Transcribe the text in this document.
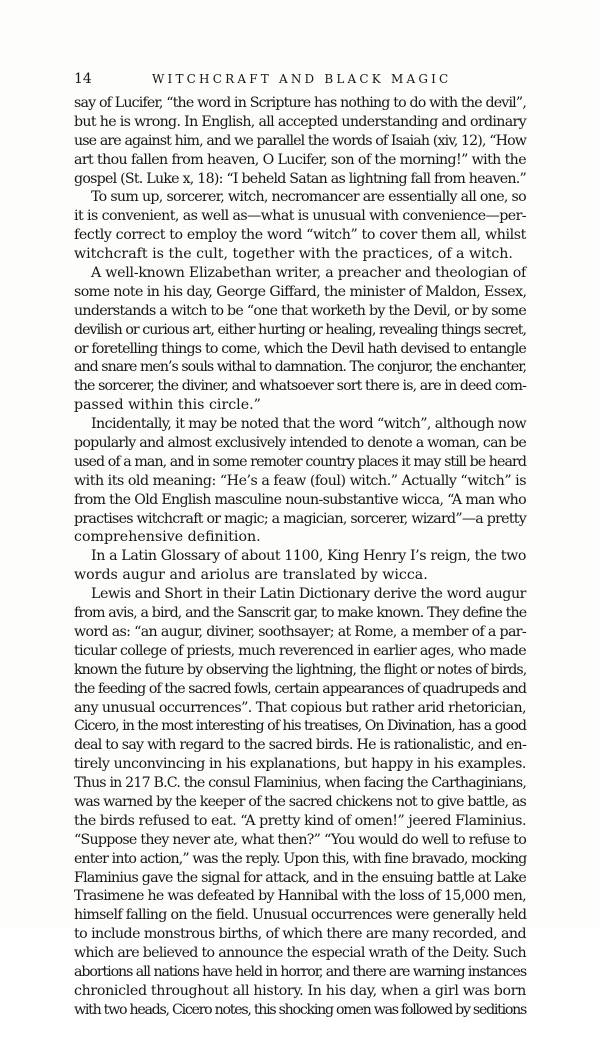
14	WITCHCRAFT AND BLACK MAGIC
say of Lucifer, “the word in Scripture has nothing to do with the devil”,
but he is wrong. In English, all accepted understanding and ordinary
use are against him, and we parallel the words of Isaiah (xiv, 12), “How
art thou fallen from heaven, O Lucifer, son of the morning!” with the
gospel (St. Luke x, 18): “I beheld Satan as lightning fall from heaven.”
To sum up, sorcerer, witch, necromancer are essentially all one, so
it is convenient, as well as—what is unusual with convenience—per-
fectly correct to employ the word “witch” to cover them all, whilst
witchcraft is the cult, together with the practices, of a witch.
A well-known Elizabethan writer, a preacher and theologian of
some note in his day, George Giffard, the minister of Maldon, Essex,
understands a witch to be “one that worketh by the Devil, or by some
devilish or curious art, either hurting or healing, revealing things secret,
or foretelling things to come, which the Devil hath devised to entangle
and snare men’s souls withal to damnation. The conjuror, the enchanter,
the sorcerer, the diviner, and whatsoever sort there is, are in deed com-
passed within this circle.”
Incidentally, it may be noted that the word “witch”, although now
popularly and almost exclusively intended to denote a woman, can be
used of a man, and in some remoter country places it may still be heard
with its old meaning: “He’s a feaw (foul) witch.” Actually “witch” is
from the Old English masculine noun-substantive wicca, “A man who
practises witchcraft or magic; a magician, sorcerer, wizard”—a pretty
comprehensive definition.
In a Latin Glossary of about 1100, King Henry I’s reign, the two
words augur and ariolus are translated by wicca.
Lewis and Short in their Latin Dictionary derive the word augur
from avis, a bird, and the Sanscrit gar, to make known. They define the
word as: “an augur, diviner, soothsayer; at Rome, a member of a par-
ticular college of priests, much reverenced in earlier ages, who made
known the future by observing the lightning, the flight or notes of birds,
the feeding of the sacred fowls, certain appearances of quadrupeds and
any unusual occurrences”. That copious but rather arid rhetorician,
Cicero, in the most interesting of his treatises, On Divination, has a good
deal to say with regard to the sacred birds. He is rationalistic, and en-
tirely unconvincing in his explanations, but happy in his examples.
Thus in 217 B.C. the consul Flaminius, when facing the Carthaginians,
was warned by the keeper of the sacred chickens not to give battle, as
the birds refused to eat. “A pretty kind of omen!” jeered Flaminius.
“Suppose they never ate, what then?” “You would do well to refuse to
enter into action,” was the reply. Upon this, with fine bravado, mocking
Flaminius gave the signal for attack, and in the ensuing battle at Lake
Trasimene he was defeated by Hannibal with the loss of 15,000 men,
himself falling on the field. Unusual occurrences were generally held
to include monstrous births, of which there are many recorded, and
which are believed to announce the especial wrath of the Deity. Such
abortions all nations have held in horror, and there are warning instances
chronicled throughout all history. In his day, when a girl was born
with two heads, Cicero notes, this shocking omen was followed by seditions
